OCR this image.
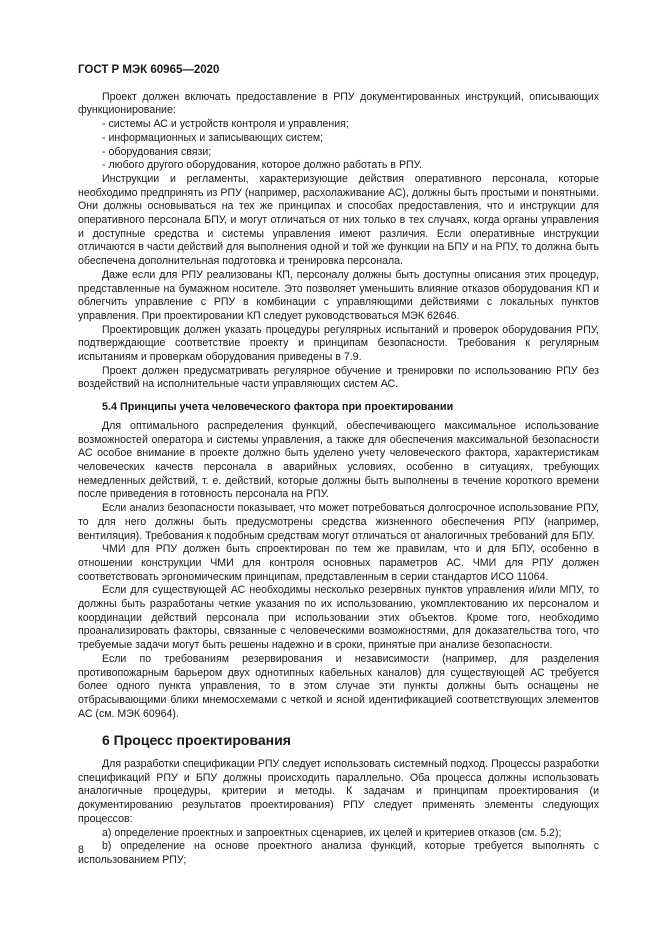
ГОСТ Р МЭК 60965—2020

Проект должен включать предоставление в РПУ документированных инструкций, описывающих функционирование:

- системы АС и устройств контроля и управления;
- информационных и записывающих систем;
- оборудования связи;
- любого другого оборудования, которое должно работать в РПУ.

Инструкции и регламенты, характеризующие действия оперативного персонала, которые необходимо предпринять из РПУ (например, расхолаживание АС), должны быть простыми и понятными. Они должны основываться на тех же принципах и способах предоставления, что и инструкции для оперативного персонала БПУ, и могут отличаться от них только в тех случаях, когда органы управления и доступные средства и системы управления имеют различия. Если оперативные инструкции отличаются в части действий для выполнения одной и той же функции на БПУ и на РПУ, то должна быть обеспечена дополнительная подготовка и тренировка персонала.

Даже если для РПУ реализованы КП, персоналу должны быть доступны описания этих процедур, представленные на бумажном носителе. Это позволяет уменьшить влияние отказов оборудования КП и облегчить управление с РПУ в комбинации с управляющими действиями с локальных пунктов управления. При проектировании КП следует руководствоваться МЭК 62646.

Проектировщик должен указать процедуры регулярных испытаний и проверок оборудования РПУ, подтверждающие соответствие проекту и принципам безопасности. Требования к регулярным испытаниям и проверкам оборудования приведены в 7.9.

Проект должен предусматривать регулярное обучение и тренировки по использованию РПУ без воздействий на исполнительные части управляющих систем АС.

5.4 Принципы учета человеческого фактора при проектировании

Для оптимального распределения функций, обеспечивающего максимальное использование возможностей оператора и системы управления, а также для обеспечения максимальной безопасности АС особое внимание в проекте должно быть уделено учету человеческого фактора, характеристикам человеческих качеств персонала в аварийных условиях, особенно в ситуациях, требующих немедленных действий, т. е. действий, которые должны быть выполнены в течение короткого времени после приведения в готовность персонала на РПУ.

Если анализ безопасности показывает, что может потребоваться долгосрочное использование РПУ, то для него должны быть предусмотрены средства жизненного обеспечения РПУ (например, вентиляция). Требования к подобным средствам могут отличаться от аналогичных требований для БПУ.

ЧМИ для РПУ должен быть спроектирован по тем же правилам, что и для БПУ, особенно в отношении конструкции ЧМИ для контроля основных параметров АС. ЧМИ для РПУ должен соответствовать эргономическим принципам, представленным в серии стандартов ИСО 11064.

Если для существующей АС необходимы несколько резервных пунктов управления и/или МПУ, то должны быть разработаны четкие указания по их использованию, укомплектованию их персоналом и координации действий персонала при использовании этих объектов. Кроме того, необходимо проанализировать факторы, связанные с человеческими возможностями, для доказательства того, что требуемые задачи могут быть решены надежно и в сроки, принятые при анализе безопасности.

Если по требованиям резервирования и независимости (например, для разделения противопожарным барьером двух однотипных кабельных каналов) для существующей АС требуется более одного пункта управления, то в этом случае эти пункты должны быть оснащены не отбрасывающими блики мнемосхемами с четкой и ясной идентификацией соответствующих элементов АС (см. МЭК 60964).

6 Процесс проектирования

Для разработки спецификации РПУ следует использовать системный подход. Процессы разработки спецификаций РПУ и БПУ должны происходить параллельно. Оба процесса должны использовать аналогичные процедуры, критерии и методы. К задачам и принципам проектирования (и документированию результатов проектирования) РПУ следует применять элементы следующих процессов:

a) определение проектных и запроектных сценариев, их целей и критериев отказов (см. 5.2);

b) определение на основе проектного анализа функций, которые требуется выполнять с использованием РПУ;

8
